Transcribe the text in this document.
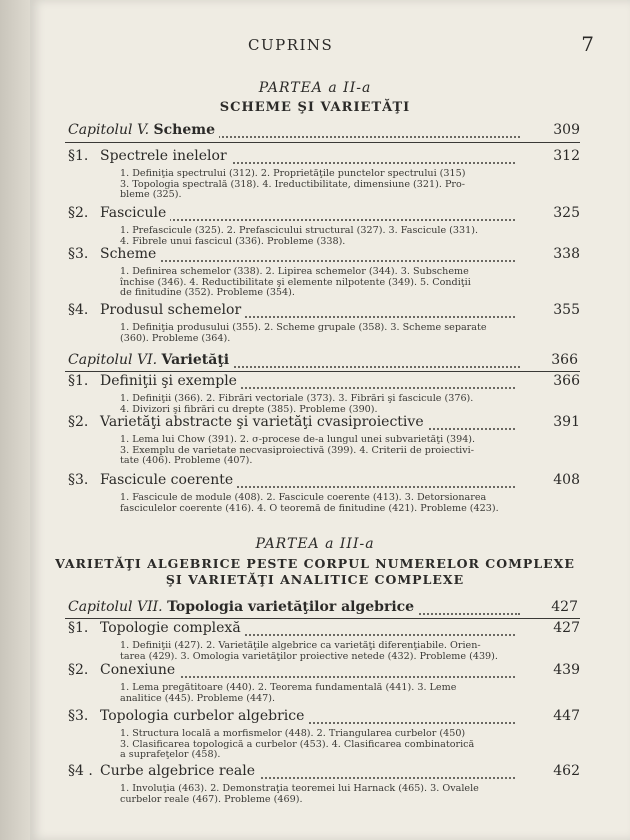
CUPRINS	7
PARTEA a II-a
SCHEME ŞI VARIETĂŢI
Capitolul V. Scheme	309
§1. Spectrele inelelor	312
1. Definiţia spectrului (312). 2. Proprietăţile punctelor spectrului (315)
3. Topologia spectrală (318). 4. Ireductibilitate, dimensiune (321). Pro-
bleme (325).
§2. Fascicule	325
1. Prefascicule (325). 2. Prefascicului structural (327). 3. Fascicule (331).
4. Fibrele unui fascicul (336). Probleme (338).
§3. Scheme	338
1. Definirea schemelor (338). 2. Lipirea schemelor (344). 3. Subscheme
închise (346). 4. Reductibilitate şi elemente nilpotente (349). 5. Condiţii
de finitudine (352). Probleme (354).
§4. Produsul schemelor	355
1. Definiţia produsului (355). 2. Scheme grupale (358). 3. Scheme separate
(360). Probleme (364).
Capitolul VI. Varietăţi	366
§1. Definiţii şi exemple	366
1. Definiţii (366). 2. Fibrări vectoriale (373). 3. Fibrări şi fascicule (376).
4. Divizori şi fibrări cu drepte (385). Probleme (390).
§2. Varietăţi abstracte şi varietăţi cvasiproiective	391
1. Lema lui Chow (391). 2. σ-procese de-a lungul unei subvarietăţi (394).
3. Exemplu de varietate necvasiproiectivă (399). 4. Criterii de proiectivi-
tate (406). Probleme (407).
§3. Fascicule coerente	408
1. Fascicule de module (408). 2. Fascicule coerente (413). 3. Detorsionarea
fasciculelor coerente (416). 4. O teoremă de finitudine (421). Probleme (423).
PARTEA a III-a
VARIETĂŢI ALGEBRICE PESTE CORPUL NUMERELOR COMPLEXE
ŞI VARIETĂŢI ANALITICE COMPLEXE
Capitolul VII. Topologia varietăţilor algebrice	427
§1. Topologie complexă	427
1. Definiţii (427). 2. Varietăţile algebrice ca varietăţi diferenţiabile. Orien-
tarea (429). 3. Omologia varietăţilor proiective netede (432). Probleme (439).
§2. Conexiune	439
1. Lema pregătitoare (440). 2. Teorema fundamentală (441). 3. Leme
analitice (445). Probleme (447).
§3. Topologia curbelor algebrice	447
1. Structura locală a morfismelor (448). 2. Triangularea curbelor (450)
3. Clasificarea topologică a curbelor (453). 4. Clasificarea combinatorică
a suprafeţelor (458).
§4 . Curbe algebrice reale	462
1. Involuţia (463). 2. Demonstraţia teoremei lui Harnack (465). 3. Ovalele
curbelor reale (467). Probleme (469).
